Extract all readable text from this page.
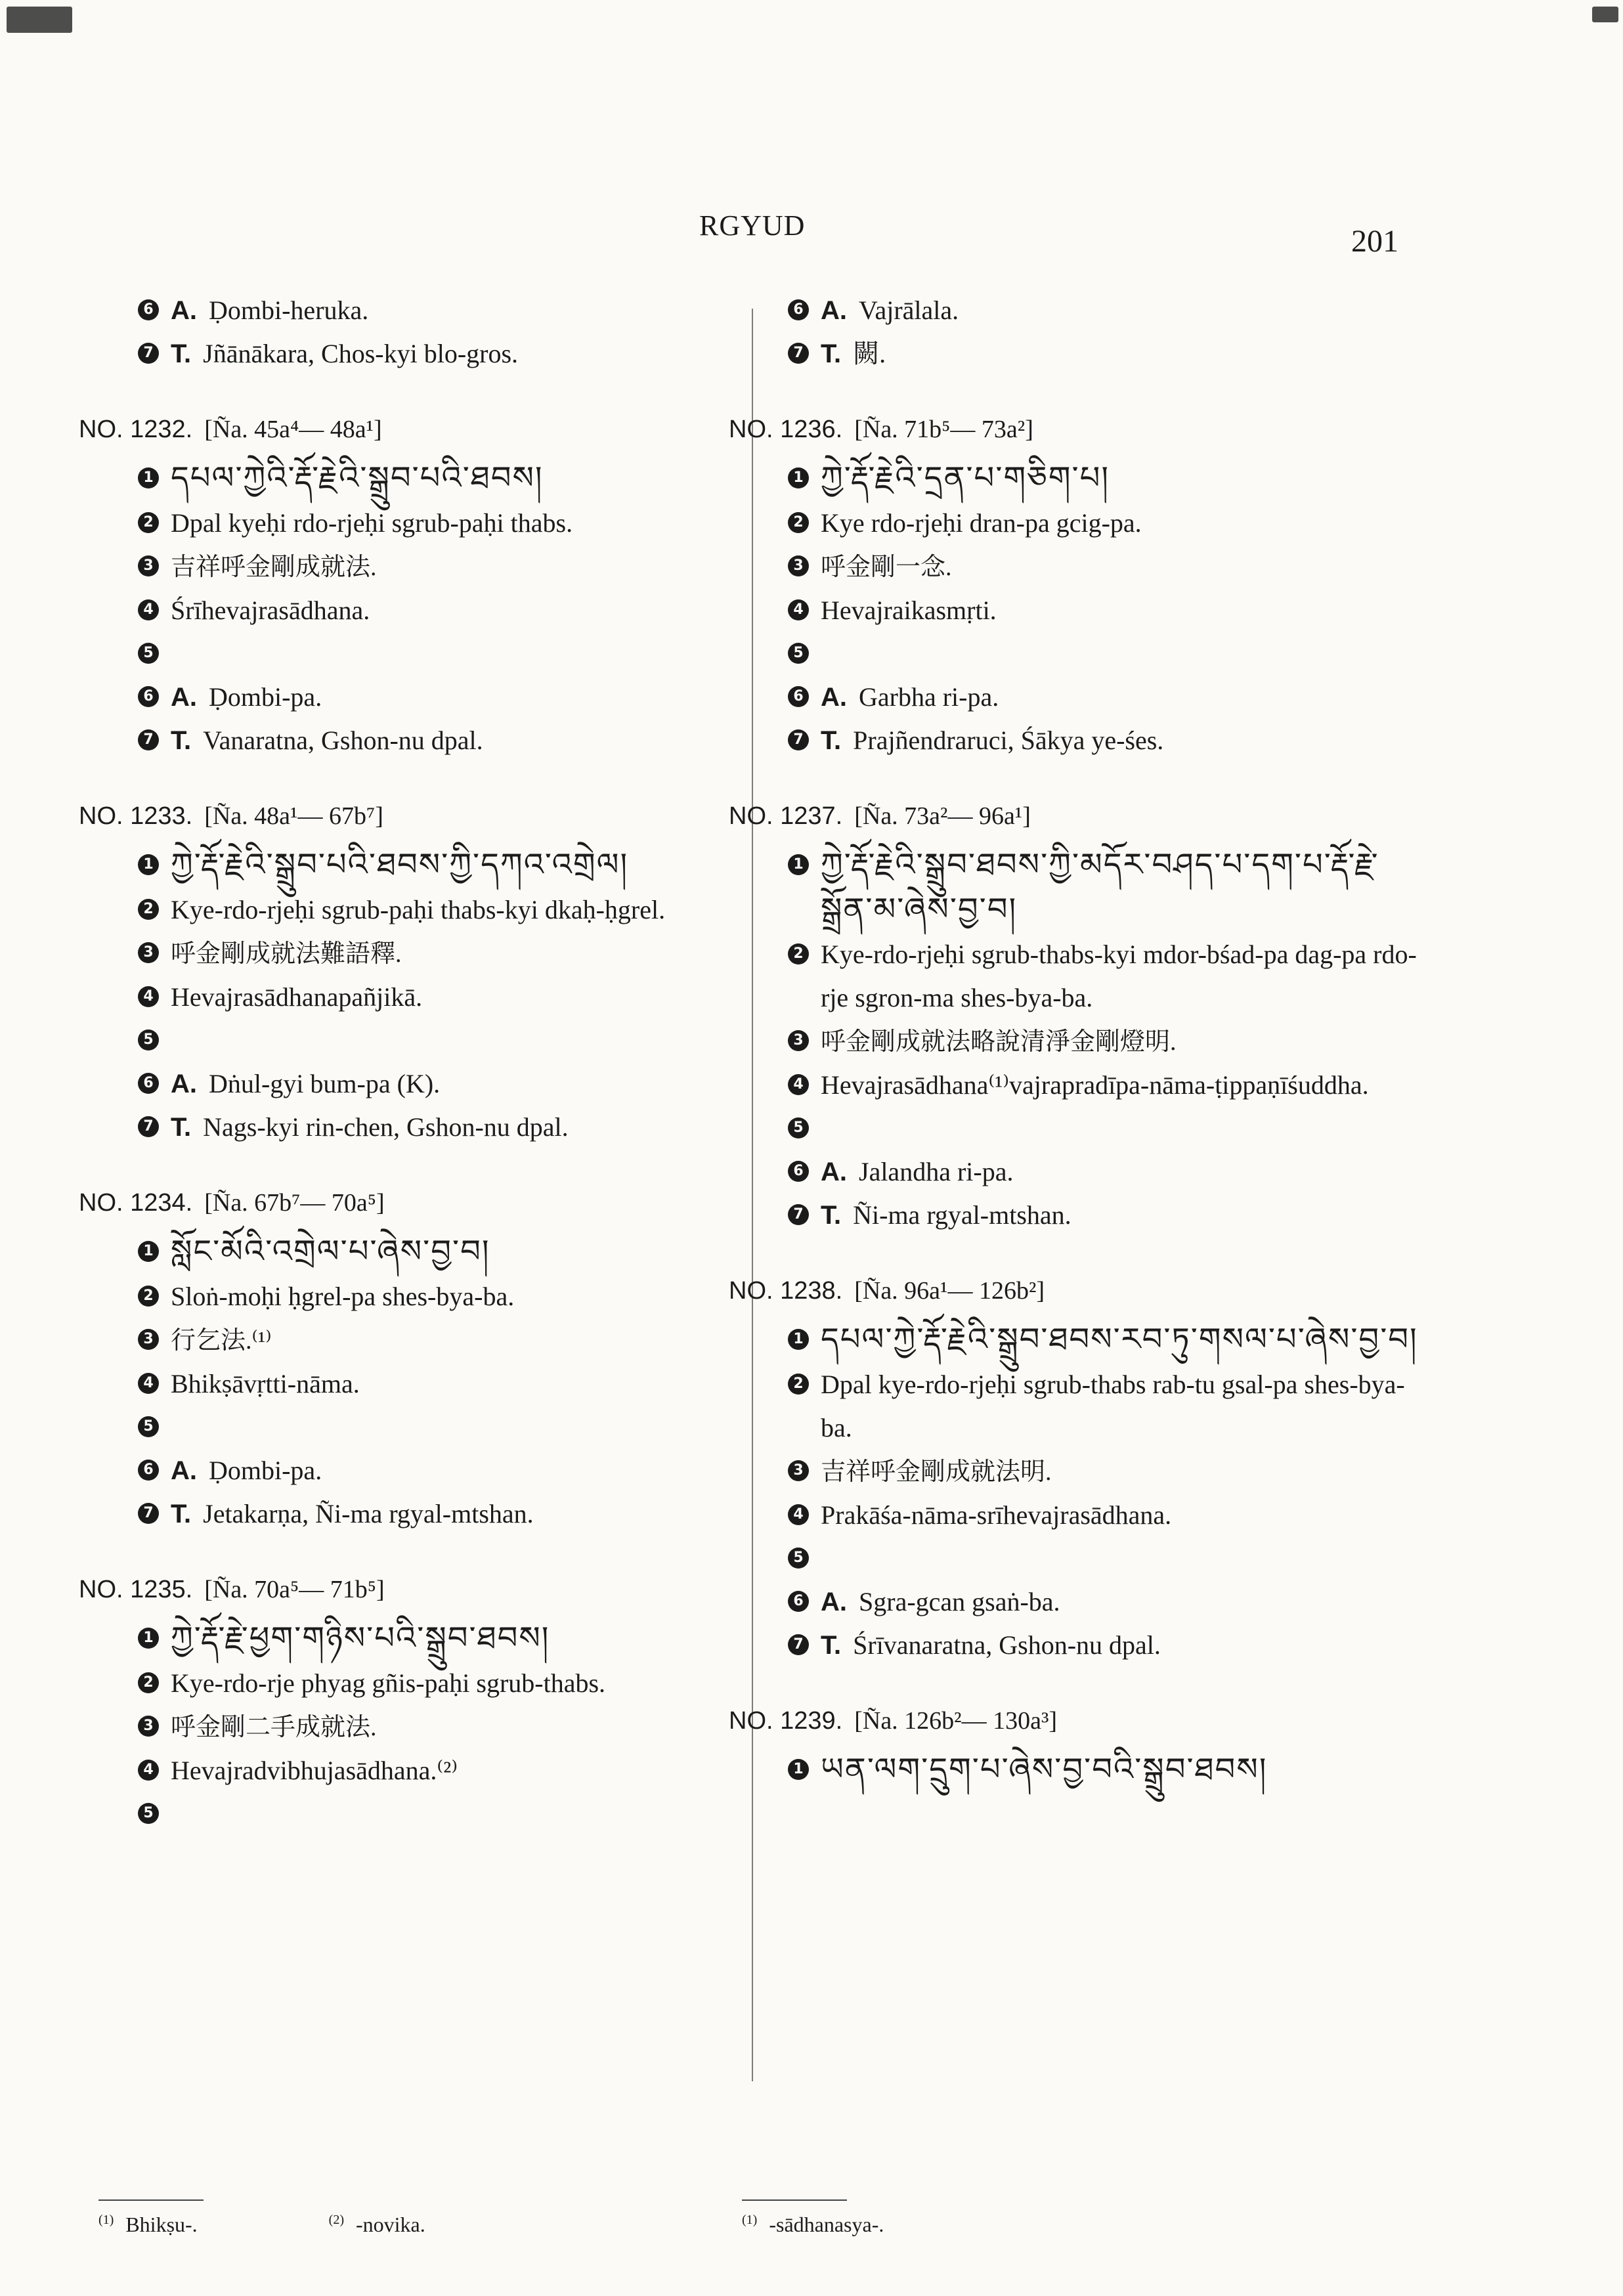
RGYUD	201
6 A. Ḍombi-heruka.
7 T. Jñānākara, Chos-kyi blo-gros.
NO. 1232. [Ña. 45a⁴— 48a¹]
1 དཔལ་ཀྱེའི་རྡོ་རྗེའི་སྒྲུབ་པའི་ཐབས།
2 Dpal kyeḥi rdo-rjeḥi sgrub-paḥi thabs.
3 吉祥呼金剛成就法.
4 Śrīhevajrasādhana.
5
6 A. Ḍombi-pa.
7 T. Vanaratna, Gshon-nu dpal.
NO. 1233. [Ña. 48a¹— 67b⁷]
1 ཀྱེ་རྡོ་རྗེའི་སྒྲུབ་པའི་ཐབས་ཀྱི་དཀའ་འགྲེལ།
2 Kye-rdo-rjeḥi sgrub-paḥi thabs-kyi dkaḥ-ḥgrel.
3 呼金剛成就法難語釋.
4 Hevajrasādhanapañjikā.
5
6 A. Dṅul-gyi bum-pa (K).
7 T. Nags-kyi rin-chen, Gshon-nu dpal.
NO. 1234. [Ña. 67b⁷— 70a⁵]
1 སློང་མོའི་འགྲེལ་པ་ཞེས་བྱ་བ།
2 Sloṅ-moḥi ḥgrel-pa shes-bya-ba.
3 行乞法.⁽¹⁾
4 Bhikṣāvṛtti-nāma.
5
6 A. Ḍombi-pa.
7 T. Jetakarṇa, Ñi-ma rgyal-mtshan.
NO. 1235. [Ña. 70a⁵— 71b⁵]
1 ཀྱེ་རྡོ་རྗེ་ཕྱག་གཉིས་པའི་སྒྲུབ་ཐབས།
2 Kye-rdo-rje phyag gñis-paḥi sgrub-thabs.
3 呼金剛二手成就法.
4 Hevajradvibhujasādhana.⁽²⁾
5
6 A. Vajrālala.
7 T. 闕.
NO. 1236. [Ña. 71b⁵— 73a²]
1 ཀྱེ་རྡོ་རྗེའི་དྲན་པ་གཅིག་པ།
2 Kye rdo-rjeḥi dran-pa gcig-pa.
3 呼金剛一念.
4 Hevajraikasmṛti.
5
6 A. Garbha ri-pa.
7 T. Prajñendraruci, Śākya ye-śes.
NO. 1237. [Ña. 73a²— 96a¹]
1 ཀྱེ་རྡོ་རྗེའི་སྒྲུབ་ཐབས་ཀྱི་མདོར་བཤད་པ་དག་པ་རྡོ་རྗེ་སྒྲོན་མ་ཞེས་བྱ་བ།
2 Kye-rdo-rjeḥi sgrub-thabs-kyi mdor-bśad-pa dag-pa rdo-rje sgron-ma shes-bya-ba.
3 呼金剛成就法略說清淨金剛燈明.
4 Hevajrasādhana⁽¹⁾vajrapradīpa-nāma-ṭippaṇīśuddha.
5
6 A. Jalandha ri-pa.
7 T. Ñi-ma rgyal-mtshan.
NO. 1238. [Ña. 96a¹— 126b²]
1 དཔལ་ཀྱེ་རྡོ་རྗེའི་སྒྲུབ་ཐབས་རབ་ཏུ་གསལ་པ་ཞེས་བྱ་བ།
2 Dpal kye-rdo-rjeḥi sgrub-thabs rab-tu gsal-pa shes-bya-ba.
3 吉祥呼金剛成就法明.
4 Prakāśa-nāma-srīhevajrasādhana.
5
6 A. Sgra-gcan gsaṅ-ba.
7 T. Śrīvanaratna, Gshon-nu dpal.
NO. 1239. [Ña. 126b²— 130a³]
1 ཡན་ལག་དྲུག་པ་ཞེས་བྱ་བའི་སྒྲུབ་ཐབས།
$^{(1)}$ Bhikṣu-.	$^{(2)}$ -novika.	$^{(1)}$ -sādhanasya-.
